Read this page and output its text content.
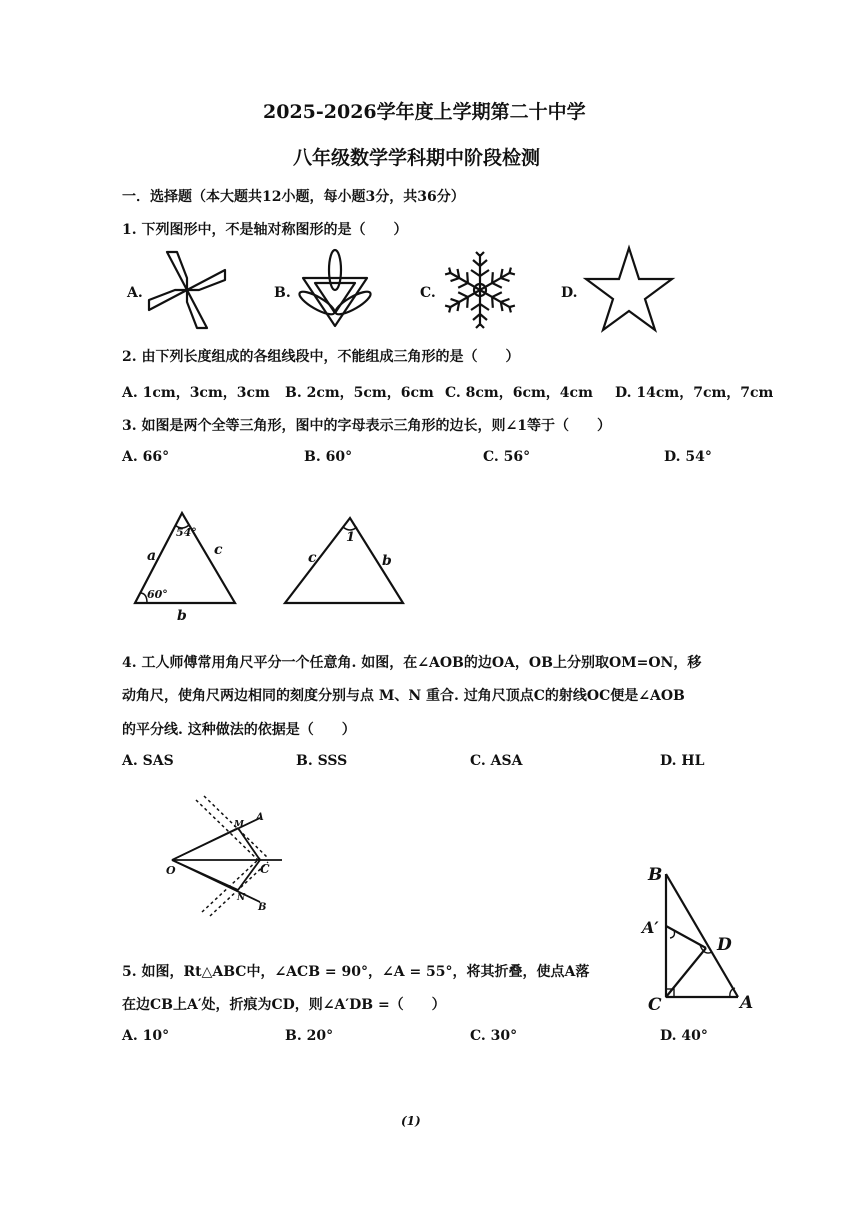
2025-2026学年度上学期第二十中学
八年级数学学科期中阶段检测
一．选择题（本大题共12小题，每小题3分，共36分）
1. 下列图形中，不是轴对称图形的是（　　）
A.	B.	C.	D.
2. 由下列长度组成的各组线段中，不能组成三角形的是（　　）
A. 1cm，3cm，3cm B. 2cm，5cm，6cm C. 8cm，6cm，4cm D. 14cm，7cm，7cm
3. 如图是两个全等三角形，图中的字母表示三角形的边长，则∠1等于（　　）
A. 66°	B. 60°	C. 56°	D. 54°
54°
60°
a	c
b
1
c	b
4. 工人师傅常用角尺平分一个任意角. 如图，在∠AOB的边OA，OB上分别取OM=ON，移
动角尺，使角尺两边相同的刻度分别与点 M、N 重合. 过角尺顶点C的射线OC便是∠AOB
的平分线. 这种做法的依据是（　　）
A. SAS	B. SSS	C. ASA	D. HL
O
A
B
C
M
N
B
A′
D
C	A
5. 如图，Rt△ABC中，∠ACB = 90°，∠A = 55°，将其折叠，使点A落
在边CB上A′处，折痕为CD，则∠A′DB =（　　）
A. 10°	B. 20°	C. 30°	D. 40°
(1)
